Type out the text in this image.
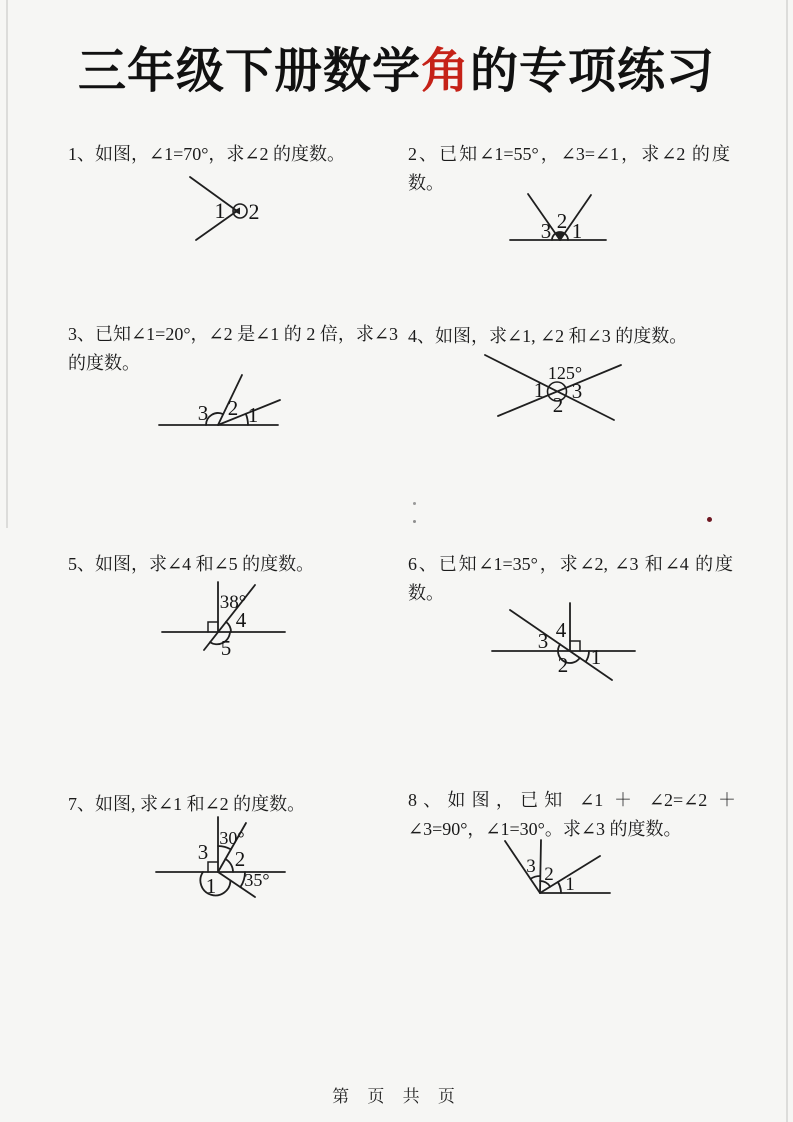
三年级下册数学角的专项练习
1、如图，∠1=70°，求∠2 的度数。
1 2
2、已知∠1=55°，∠3=∠1，求∠2 的度数。
3 2 1
3、已知∠1=20°，∠2 是∠1 的 2 倍，求∠3 的度数。
3 2 1
4、如图，求∠1, ∠2 和∠3 的度数。
125°
1 3
2
5、如图，求∠4 和∠5 的度数。
38°
4
5
6、已知∠1=35°，求∠2, ∠3 和∠4 的度数。
4
3
2 1
7、如图, 求∠1 和∠2 的度数。
30°
3 2
1 35°
8、如图，已知 ∠1 ＋ ∠2=∠2 ＋ ∠3=90°，∠1=30°。求∠3 的度数。
3 2 1
第 页 共 页
